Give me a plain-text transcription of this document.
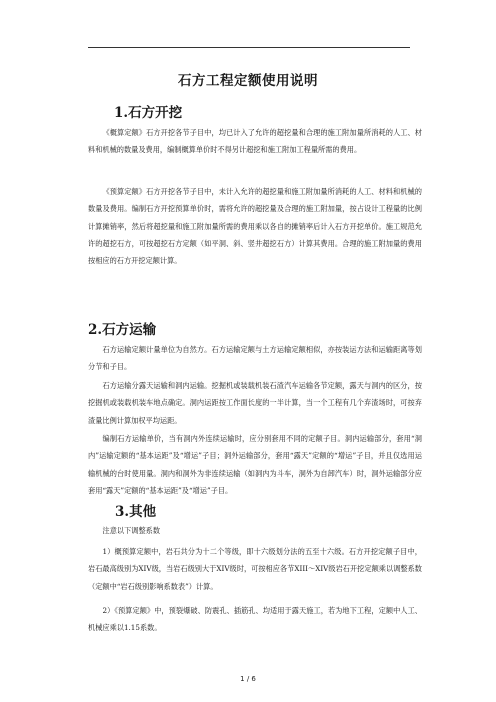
石方工程定额使用说明
1.石方开挖
《概算定额》石方开挖各节子目中，均已计入了允许的超挖量和合理的施工附加量所消耗的人工、材料和机械的数量及费用，编制概算单价时不得另计超挖和施工附加工程量所需的费用。
《预算定额》石方开挖各节子目中，未计入允许的超挖量和施工附加量所消耗的人工、材料和机械的数量及费用。编制石方开挖预算单价时，需将允许的超挖量及合理的施工附加量，按占设计工程量的比例计算摊销率，然后将超挖量和施工附加量所需的费用乘以各自的摊销率后计入石方开挖单价。施工规范允许的超挖石方，可按超挖石方定额（如平洞、斜、竖井超挖石方）计算其费用。合理的施工附加量的费用按相应的石方开挖定额计算。
2.石方运输
石方运输定额计量单位为自然方。石方运输定额与土方运输定额相似，亦按装运方法和运输距离等划分节和子目。
石方运输分露天运输和洞内运输。挖掘机或装载机装石渣汽车运输各节定额，露天与洞内的区分，按挖掘机或装载机装车地点确定。洞内运距按工作面长度的一半计算，当一个工程有几个弃渣场时，可按弃渣量比例计算加权平均运距。
编制石方运输单价，当有洞内外连续运输时，应分别套用不同的定额子目。洞内运输部分，套用“洞内”运输定额的“基本运距”及“增运”子目；洞外运输部分，套用“露天”定额的“增运”子目，并且仅选用运输机械的台时使用量。洞内和洞外为非连续运输（如洞内为斗车，洞外为自卸汽车）时，洞外运输部分应套用“露天”定额的“基本运距”及“增运”子目。
3.其他
注意以下调整系数
1）概预算定额中，岩石共分为十二个等级，即十六级划分法的五至十六级。石方开挖定额子目中，岩石最高级别为XIV级，当岩石级别大于XIV级时，可按相应各节XIII～XIV级岩石开挖定额乘以调整系数（定额中“岩石级别影响系数表”）计算。
2）《预算定额》中，预裂爆破、防震孔、插筋孔、均适用于露天施工，若为地下工程，定额中人工、机械应乘以1.15系数。
1 / 6
